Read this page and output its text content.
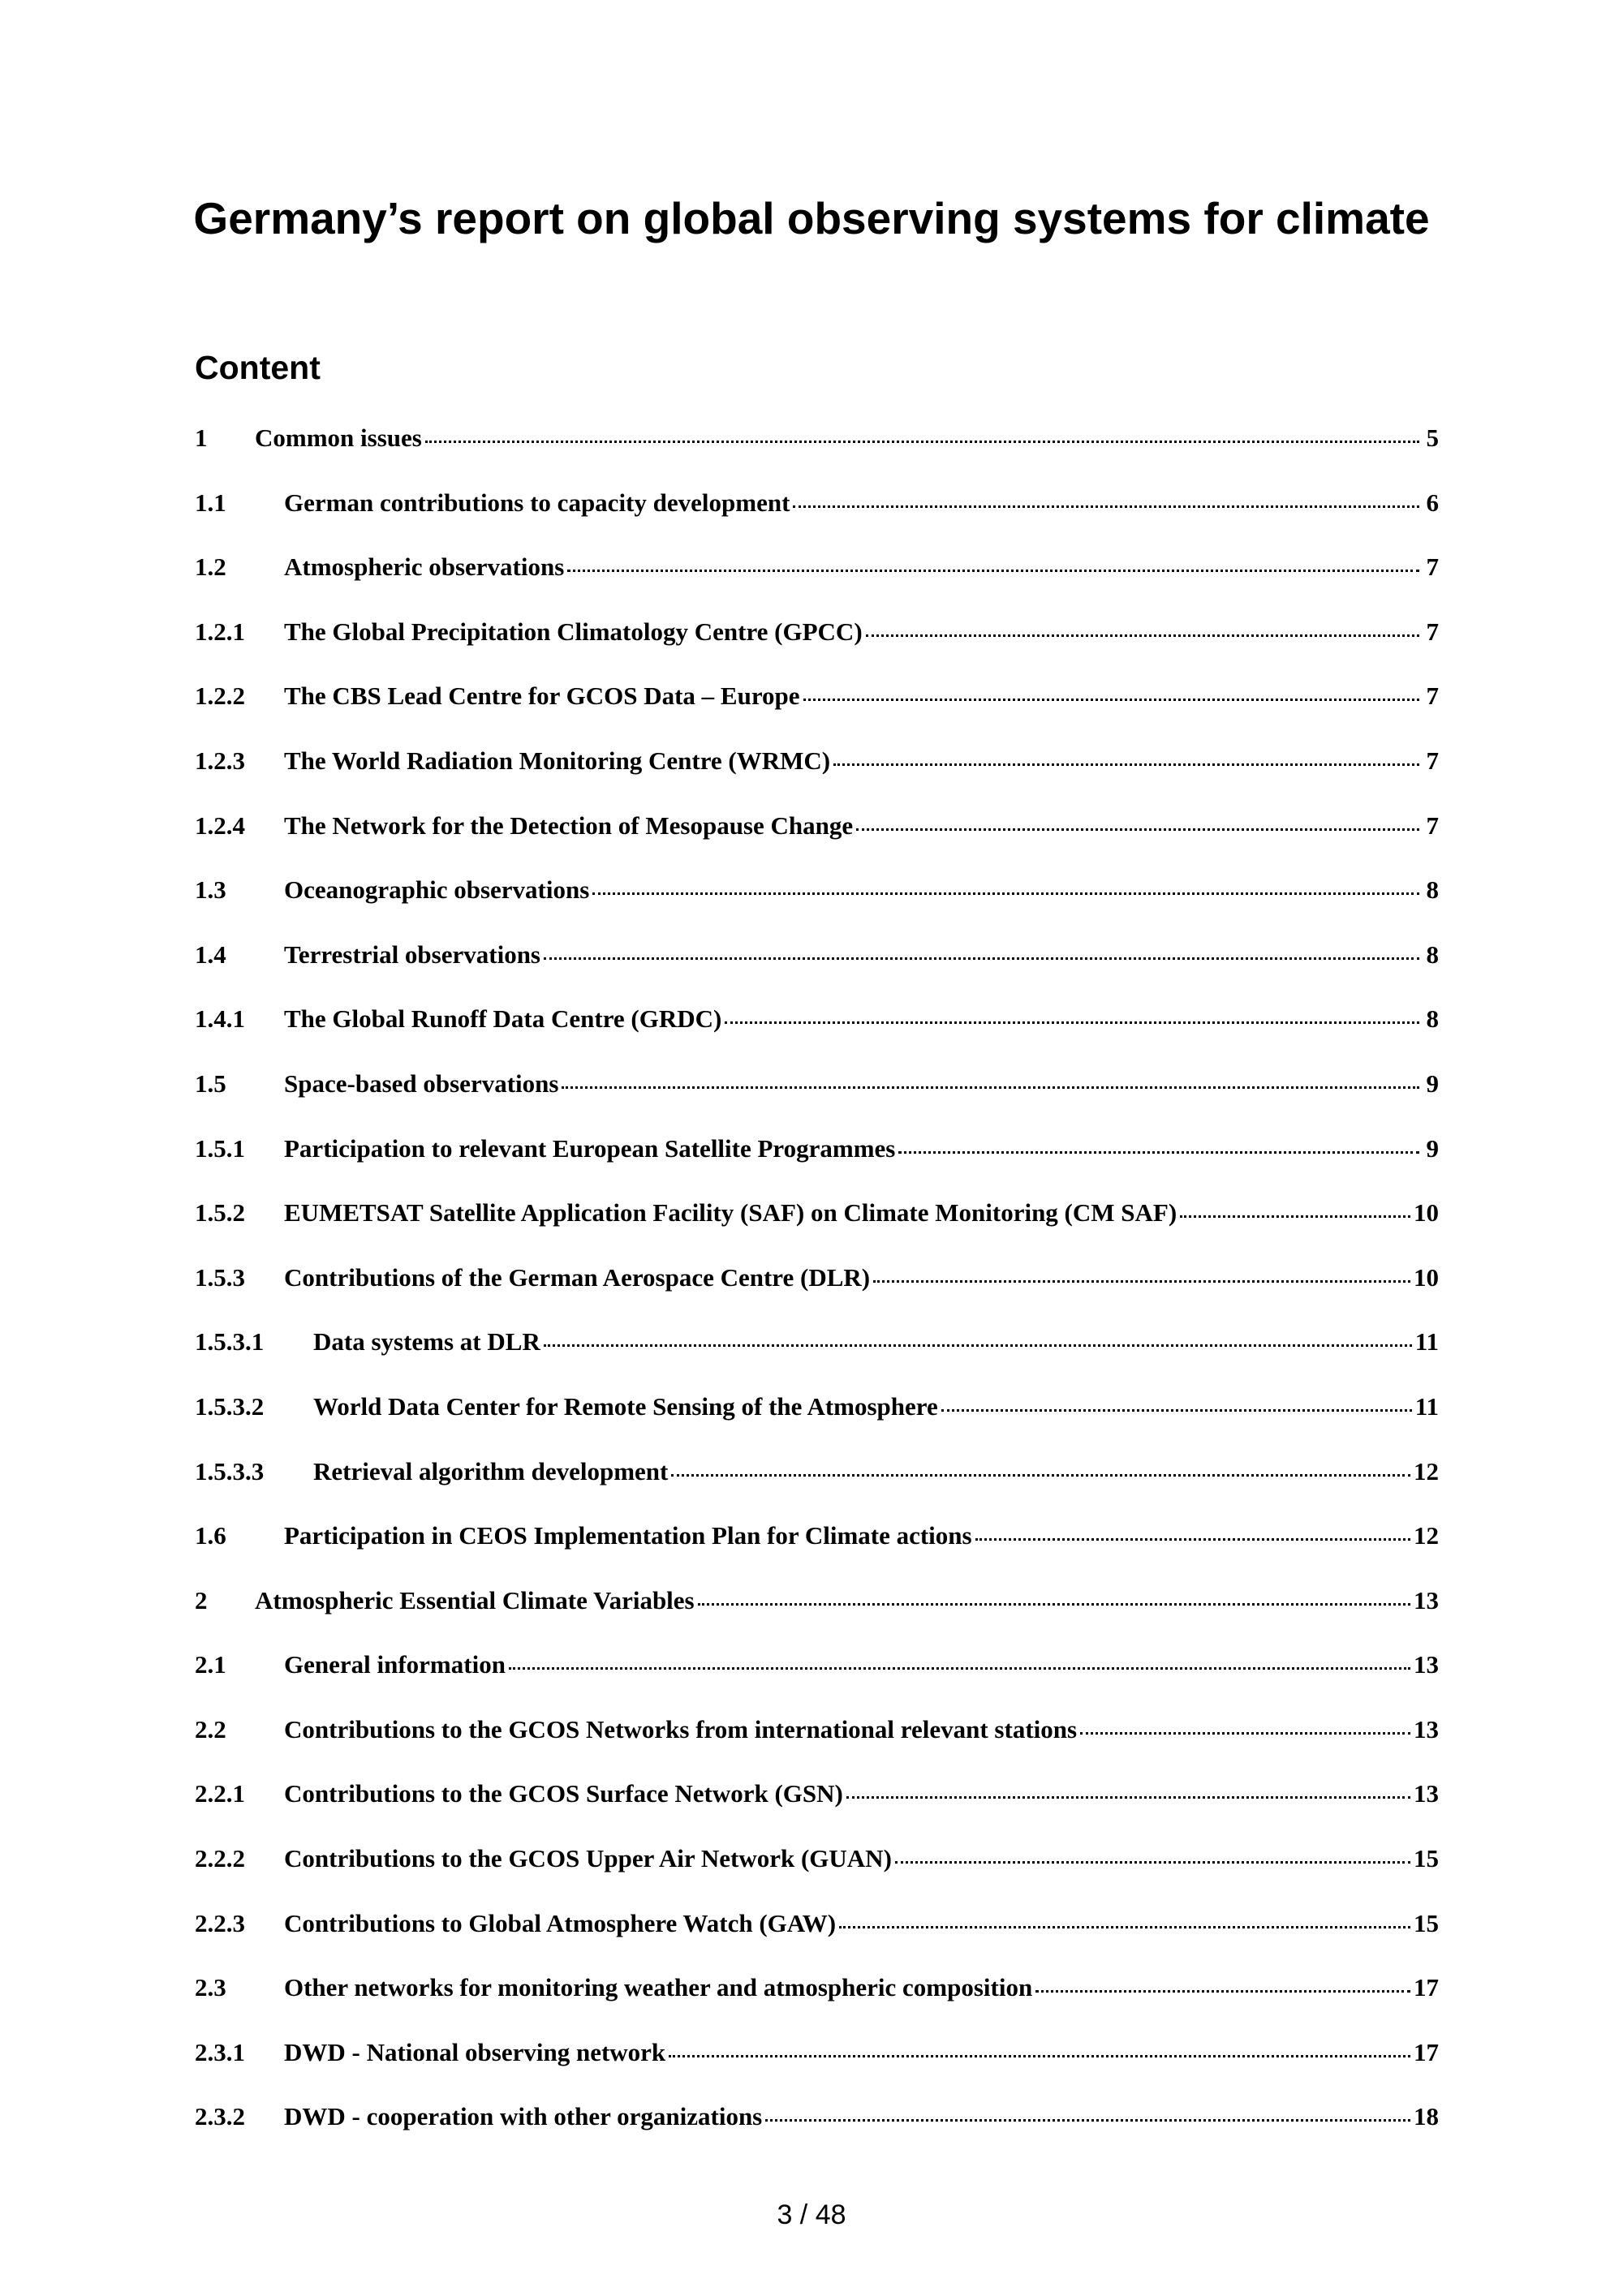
Germany’s report on global observing systems for climate
Content
1	Common issues	5
1.1	German contributions to capacity development	6
1.2	Atmospheric observations	7
1.2.1	The Global Precipitation Climatology Centre (GPCC)	7
1.2.2	The CBS Lead Centre for GCOS Data – Europe	7
1.2.3	The World Radiation Monitoring Centre (WRMC)	7
1.2.4	The Network for the Detection of Mesopause Change	7
1.3	Oceanographic observations	8
1.4	Terrestrial observations	8
1.4.1	The Global Runoff Data Centre (GRDC)	8
1.5	Space-based observations	9
1.5.1	Participation to relevant European Satellite Programmes	9
1.5.2	EUMETSAT Satellite Application Facility (SAF) on Climate Monitoring (CM SAF)	10
1.5.3	Contributions of the German Aerospace Centre (DLR)	10
1.5.3.1	Data systems at DLR	11
1.5.3.2	World Data Center for Remote Sensing of the Atmosphere	11
1.5.3.3	Retrieval algorithm development	12
1.6	Participation in CEOS Implementation Plan for Climate actions	12
2	Atmospheric Essential Climate Variables	13
2.1	General information	13
2.2	Contributions to the GCOS Networks from international relevant stations	13
2.2.1	Contributions to the GCOS Surface Network (GSN)	13
2.2.2	Contributions to the GCOS Upper Air Network (GUAN)	15
2.2.3	Contributions to Global Atmosphere Watch (GAW)	15
2.3	Other networks for monitoring weather and atmospheric composition	17
2.3.1	DWD - National observing network	17
2.3.2	DWD - cooperation with other organizations	18
3 / 48
